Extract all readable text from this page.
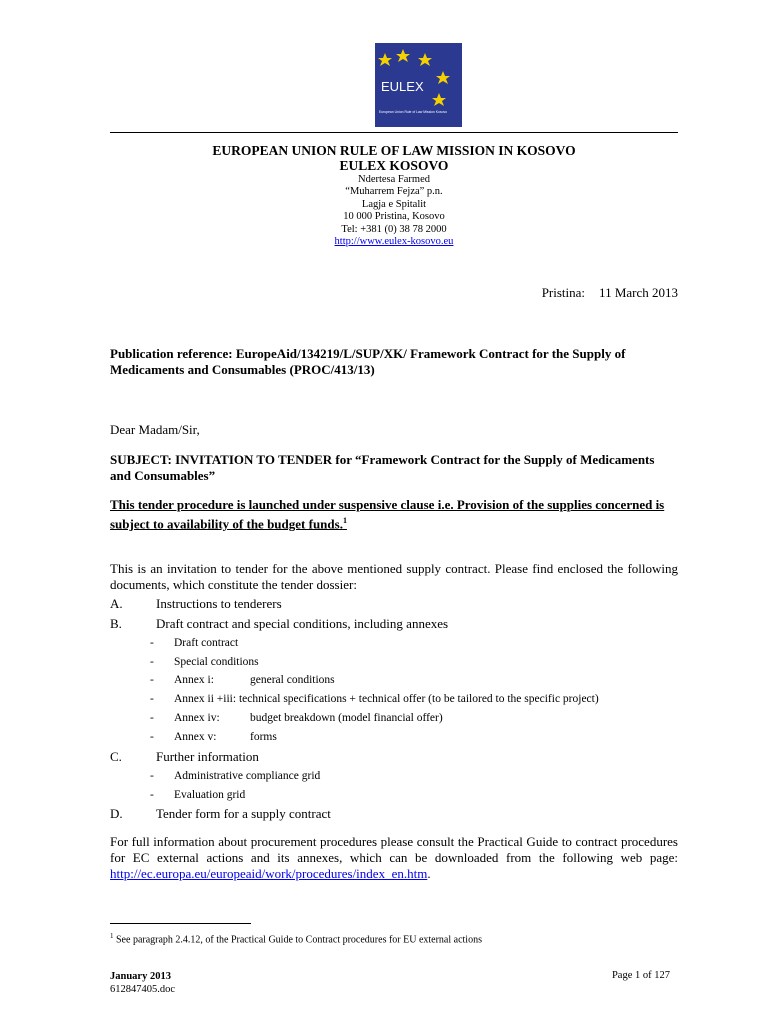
EULEX
European Union Rule of Law Mission Kosovo
EUROPEAN UNION RULE OF LAW MISSION IN KOSOVO
EULEX KOSOVO
Ndertesa Farmed
“Muharrem Fejza” p.n.
Lagja e Spitalit
10 000 Pristina, Kosovo
Tel: +381 (0) 38 78 2000
http://www.eulex-kosovo.eu
Pristina: 11 March 2013
Publication reference: EuropeAid/134219/L/SUP/XK/ Framework Contract for the Supply of Medicaments and Consumables (PROC/413/13)
Dear Madam/Sir,
SUBJECT: INVITATION TO TENDER for “Framework Contract for the Supply of Medicaments and Consumables”
This tender procedure is launched under suspensive clause i.e. Provision of the supplies concerned is subject to availability of the budget funds.$^1$
This is an invitation to tender for the above mentioned supply contract. Please find enclosed the following documents, which constitute the tender dossier:
A.	Instructions to tenderers
B.	Draft contract and special conditions, including annexes
- Draft contract
- Special conditions
- Annex i:	general conditions
- Annex ii +iii: technical specifications + technical offer (to be tailored to the specific project)
- Annex iv:	budget breakdown (model financial offer)
- Annex v:	forms
C.	Further information
- Administrative compliance grid
- Evaluation grid
D.	Tender form for a supply contract
For full information about procurement procedures please consult the Practical Guide to contract procedures for EC external actions and its annexes, which can be downloaded from the following web page: http://ec.europa.eu/europeaid/work/procedures/index_en.htm.
$^1$ See paragraph 2.4.12, of the Practical Guide to Contract procedures for EU external actions
January 2013
612847405.doc
Page 1 of 127
